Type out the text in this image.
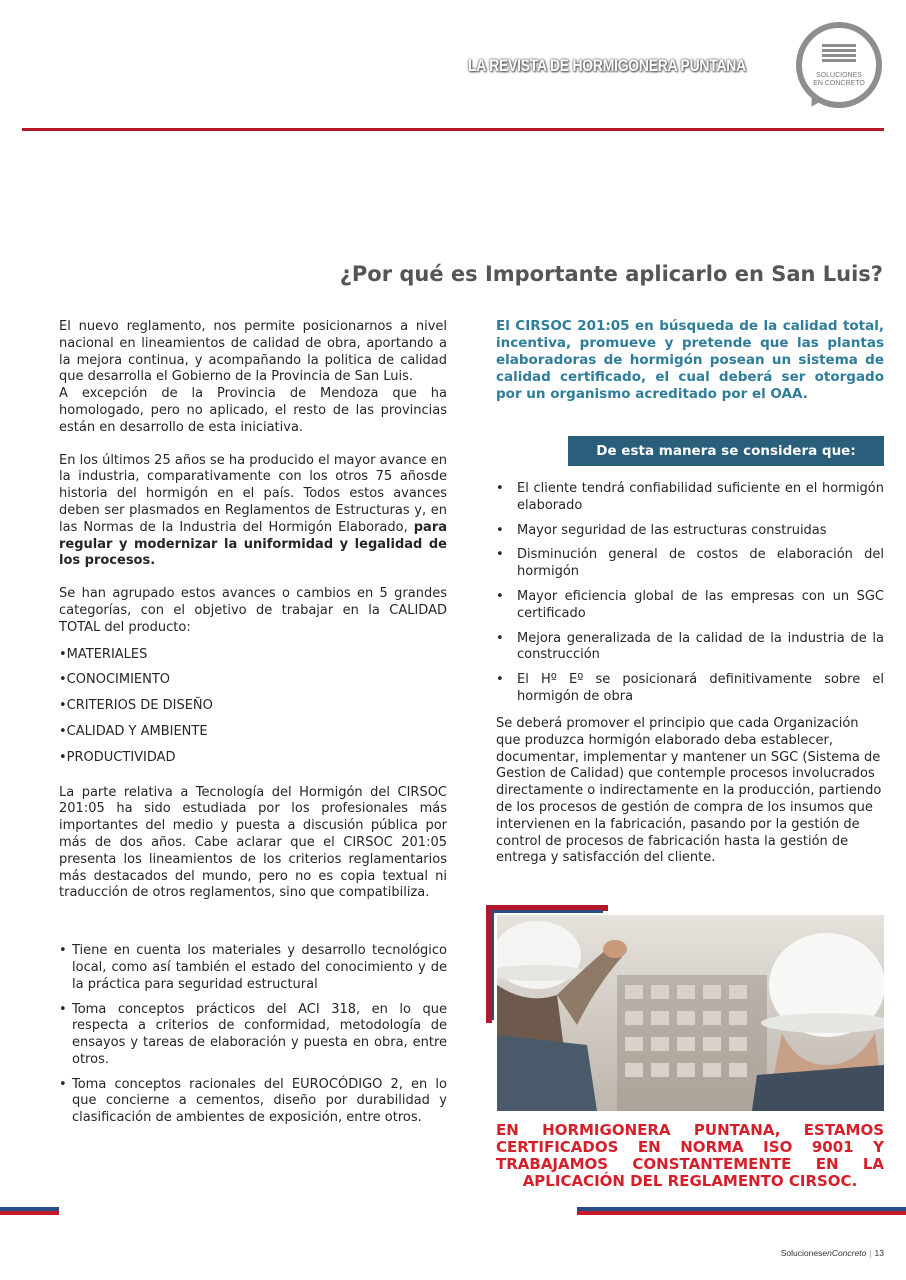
LA REVISTA DE HORMIGONERA PUNTANA
SOLUCIONES
EN CONCRETO
¿Por qué es Importante aplicarlo en San Luis?

El nuevo reglamento, nos permite posicionarnos a nivel nacional en lineamientos de calidad de obra, aportando a la mejora continua, y acompañando la politica de calidad que desarrolla el Gobierno de la Provincia de San Luis.

A excepción de la Provincia de Mendoza que ha homologado, pero no aplicado, el resto de las provincias están en desarrollo de esta iniciativa.

En los últimos 25 años se ha producido el mayor avance en la industria, comparativamente con los otros 75 añosde historia del hormigón en el país. Todos estos avances deben ser plasmados en Reglamentos de Estructuras y, en las Normas de la Industria del Hormigón Elaborado, para regular y modernizar la uniformidad y legalidad de los procesos.

Se han agrupado estos avances o cambios en 5 grandes categorías, con el objetivo de trabajar en la CALIDAD TOTAL del producto:

• MATERIALES
• CONOCIMIENTO
• CRITERIOS DE DISEÑO
• CALIDAD Y AMBIENTE
• PRODUCTIVIDAD

La parte relativa a Tecnología del Hormigón del CIRSOC 201:05 ha sido estudiada por los profesionales más importantes del medio y puesta a discusión pública por más de dos años. Cabe aclarar que el CIRSOC 201:05 presenta los lineamientos de los criterios reglamentarios más destacados del mundo, pero no es copia textual ni traducción de otros reglamentos, sino que compatibiliza.

• Tiene en cuenta los materiales y desarrollo tecnológico local, como así también el estado del conocimiento y de la práctica para seguridad estructural
• Toma conceptos prácticos del ACI 318, en lo que respecta a criterios de conformidad, metodología de ensayos y tareas de elaboración y puesta en obra, entre otros.
• Toma conceptos racionales del EUROCÓDIGO 2, en lo que concierne a cementos, diseño por durabilidad y clasificación de ambientes de exposición, entre otros.

El CIRSOC 201:05 en búsqueda de la calidad total, incentiva, promueve y pretende que las plantas elaboradoras de hormigón posean un sistema de calidad certificado, el cual deberá ser otorgado por un organismo acreditado por el OAA.

De esta manera se considera que:
• El cliente tendrá confiabilidad suficiente en el hormigón elaborado
• Mayor seguridad de las estructuras construidas
• Disminución general de costos de elaboración del hormigón
• Mayor eficiencia global de las empresas con un SGC certificado
• Mejora generalizada de la calidad de la industria de la construcción
• El Hº Eº se posicionará definitivamente sobre el hormigón de obra

Se deberá promover el principio que cada Organización que produzca hormigón elaborado deba establecer, documentar, implementar y mantener un SGC (Sistema de Gestion de Calidad) que contemple procesos involucrados directamente o indirectamente en la producción, partiendo de los procesos de gestión de compra de los insumos que intervienen en la fabricación, pasando por la gestión de control de procesos de fabricación hasta la gestión de entrega y satisfacción del cliente.

EN HORMIGONERA PUNTANA, ESTAMOS CERTIFICADOS EN NORMA ISO 9001 Y TRABAJAMOS CONSTANTEMENTE EN LA APLICACIÓN DEL REGLAMENTO CIRSOC.

SolucionesenConcreto | 13
